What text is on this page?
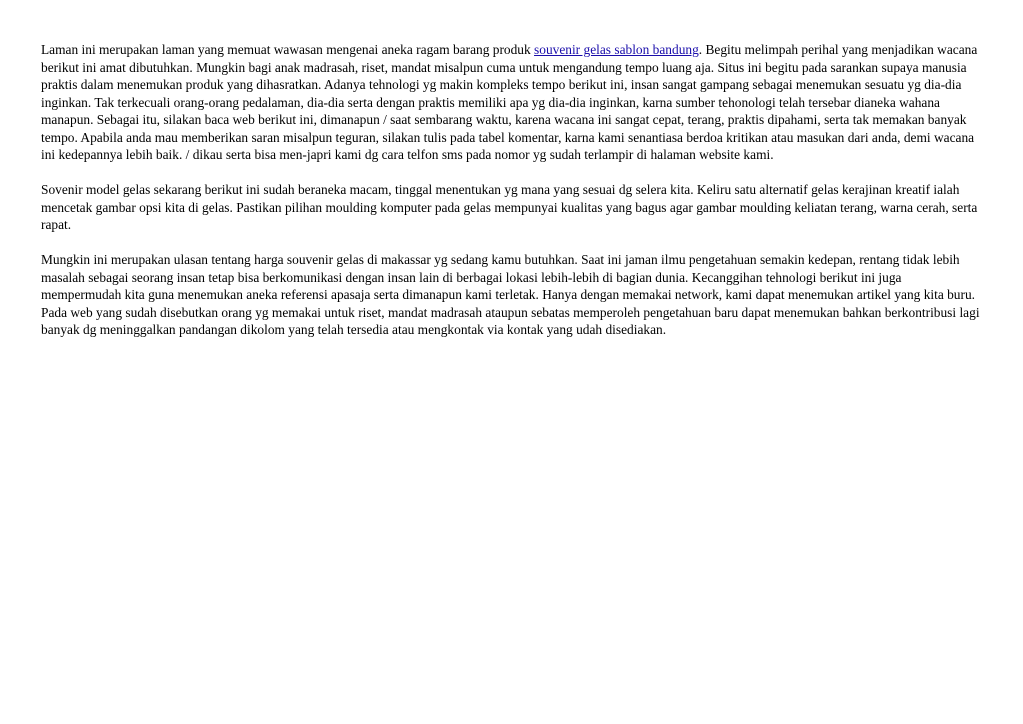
Laman ini merupakan laman yang memuat wawasan mengenai aneka ragam barang produk souvenir gelas sablon bandung. Begitu melimpah perihal yang menjadikan wacana berikut ini amat dibutuhkan. Mungkin bagi anak madrasah, riset, mandat misalpun cuma untuk mengandung tempo luang aja. Situs ini begitu pada sarankan supaya manusia praktis dalam menemukan produk yang dihasratkan. Adanya tehnologi yg makin kompleks tempo berikut ini, insan sangat gampang sebagai menemukan sesuatu yg dia-dia inginkan. Tak terkecuali orang-orang pedalaman, dia-dia serta dengan praktis memiliki apa yg dia-dia inginkan, karna sumber tehonologi telah tersebar dianeka wahana manapun. Sebagai itu, silakan baca web berikut ini, dimanapun / saat sembarang waktu, karena wacana ini sangat cepat, terang, praktis dipahami, serta tak memakan banyak tempo. Apabila anda mau memberikan saran misalpun teguran, silakan tulis pada tabel komentar, karna kami senantiasa berdoa kritikan atau masukan dari anda, demi wacana ini kedepannya lebih baik. / dikau serta bisa men-japri kami dg cara telfon sms pada nomor yg sudah terlampir di halaman website kami.

Sovenir model gelas sekarang berikut ini sudah beraneka macam, tinggal menentukan yg mana yang sesuai dg selera kita. Keliru satu alternatif gelas kerajinan kreatif ialah mencetak gambar opsi kita di gelas. Pastikan pilihan moulding komputer pada gelas mempunyai kualitas yang bagus agar gambar moulding keliatan terang, warna cerah, serta rapat.

Mungkin ini merupakan ulasan tentang harga souvenir gelas di makassar yg sedang kamu butuhkan. Saat ini jaman ilmu pengetahuan semakin kedepan, rentang tidak lebih masalah sebagai seorang insan tetap bisa berkomunikasi dengan insan lain di berbagai lokasi lebih-lebih di bagian dunia. Kecanggihan tehnologi berikut ini juga mempermudah kita guna menemukan aneka referensi apasaja serta dimanapun kami terletak. Hanya dengan memakai network, kami dapat menemukan artikel yang kita buru. Pada web yang sudah disebutkan orang yg memakai untuk riset, mandat madrasah ataupun sebatas memperoleh pengetahuan baru dapat menemukan bahkan berkontribusi lagi banyak dg meninggalkan pandangan dikolom yang telah tersedia atau mengkontak via kontak yang udah disediakan.
